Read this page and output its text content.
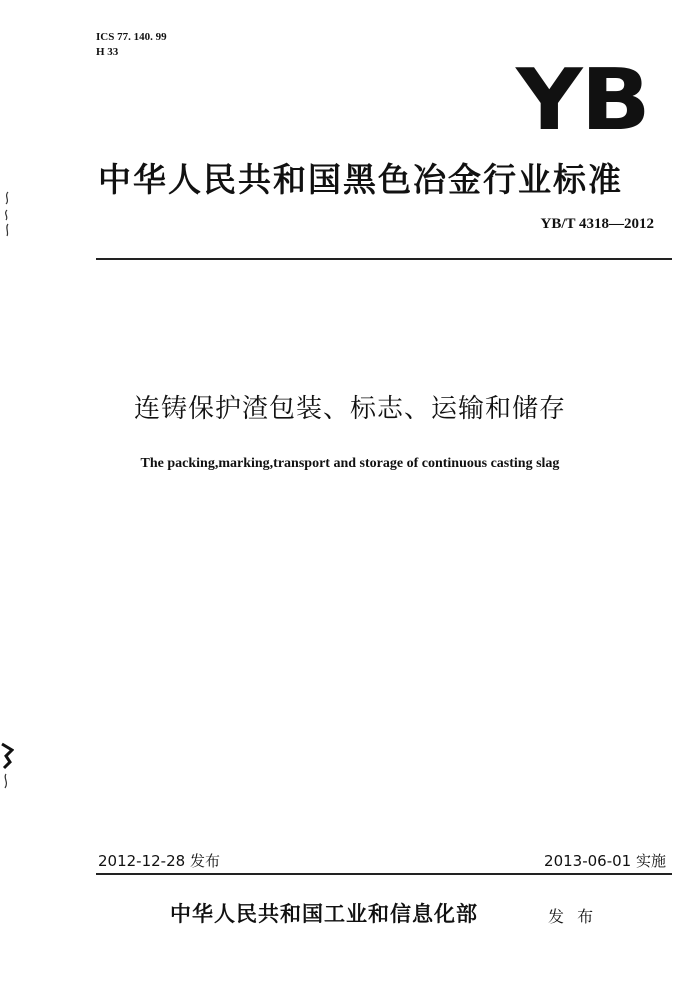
ICS 77. 140. 99
H 33	YB
中华人民共和国黑色冶金行业标准
YB/T 4318—2012
连铸保护渣包装、标志、运输和储存
The packing,marking,transport and storage of continuous casting slag
2012-12-28 发布	2013-06-01 实施
中华人民共和国工业和信息化部	发 布
